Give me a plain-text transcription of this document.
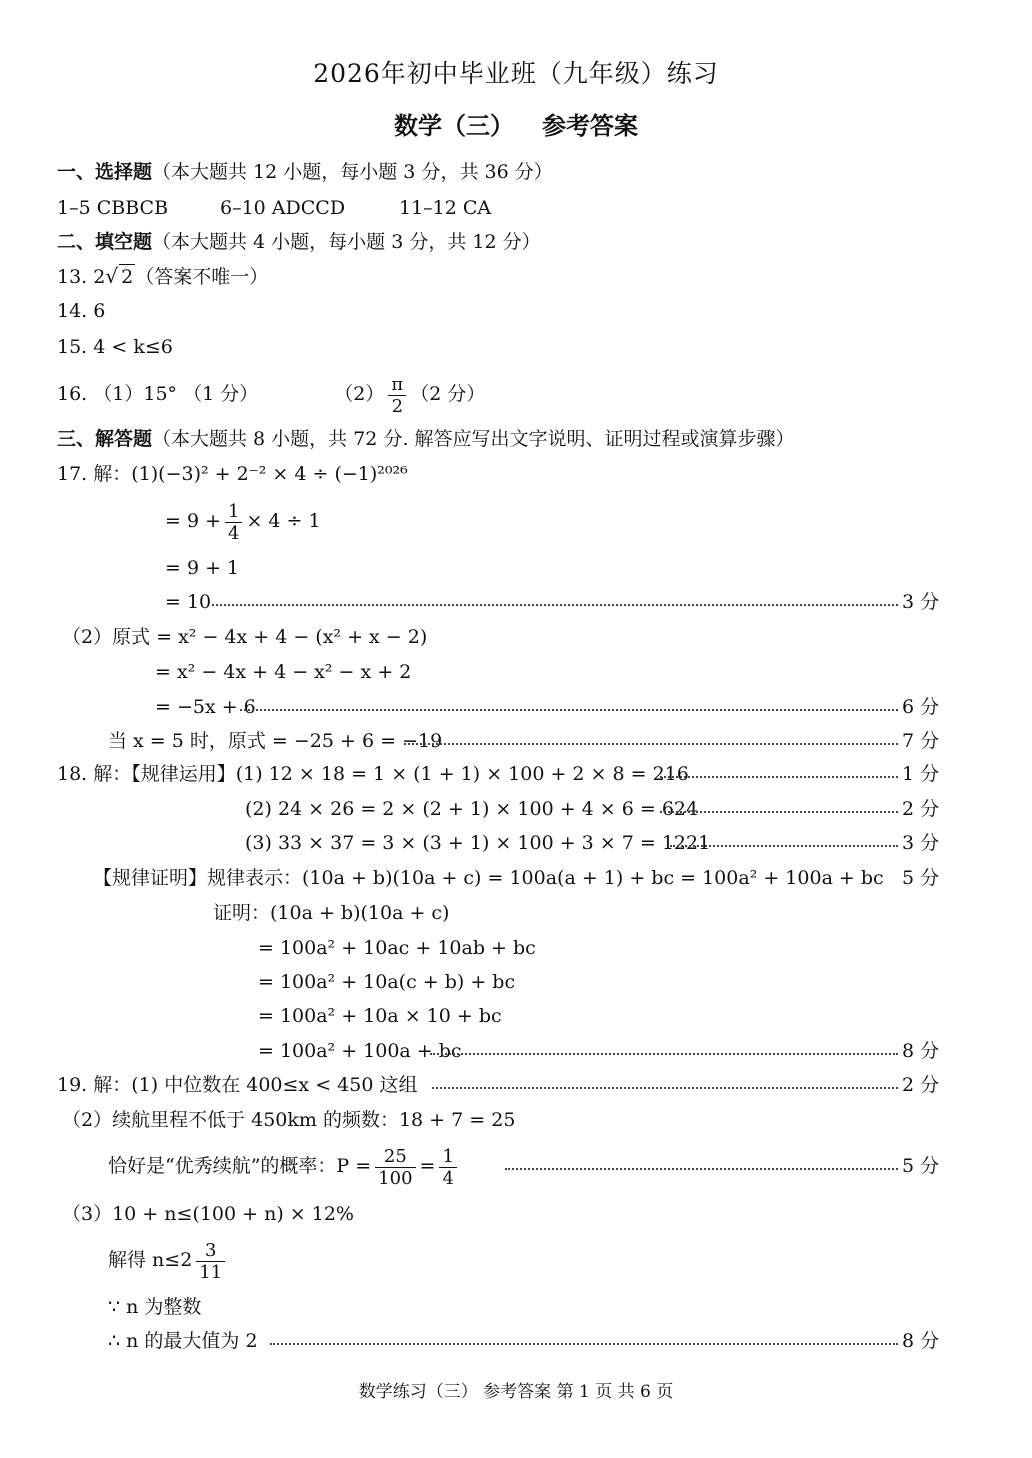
2026年初中毕业班（九年级）练习
数学（三） 参考答案
一、选择题（本大题共 12 小题，每小题 3 分，共 36 分）
1–5 CBBCB	6–10 ADCCD	11–12 CA
二、填空题（本大题共 4 小题，每小题 3 分，共 12 分）
13. 2√ 2 （答案不唯一）
14. 6
15. 4 < k≤6
16. （1）15° （1 分）	$(2) \frac{\pi}{2} (2$ 分）
三、解答题（本大题共 8 小题，共 72 分. 解答应写出文字说明、证明过程或演算步骤）
17. 解：(1)(−3)² + 2⁻² × 4 ÷ (−1)²⁰²⁶
= $9 + \frac{1}{4} \times 4 \div 1$
= 9 + 1
= 10	3 分
（2）原式 = x² − 4x + 4 − (x² + x − 2)
= x² − 4x + 4 − x² − x + 2
= −5x + 6	6 分
当 x = 5 时，原式 = −25 + 6 = −19	7 分
18. 解：【规律运用】(1) 12 × 18 = 1 × (1 + 1) × 100 + 2 × 8 = 216	1 分
(2) 24 × 26 = 2 × (2 + 1) × 100 + 4 × 6 = 624	2 分
(3) 33 × 37 = 3 × (3 + 1) × 100 + 3 × 7 = 1221	3 分
【规律证明】规律表示：(10a + b)(10a + c) = 100a(a + 1) + bc = 100a² + 100a + bc 5 分
证明：(10a + b)(10a + c)
= 100a² + 10ac + 10ab + bc
= 100a² + 10a(c + b) + bc
= 100a² + 10a × 10 + bc
= 100a² + 100a + bc	8 分
19. 解：(1) 中位数在 400≤x < 450 这组	2 分
（2）续航里程不低于 450km 的频数：18 + 7 = 25
恰好是“优秀续航”的概率：$P = \frac{25}{100} = \frac{1}{4}$	5 分
（3）10 + n≤(100 + n) × 12%
解得 $n\le 2 \frac{3}{11}$
∵ n 为整数
∴ n 的最大值为 2	8 分
数学练习（三） 参考答案 第 1 页 共 6 页
